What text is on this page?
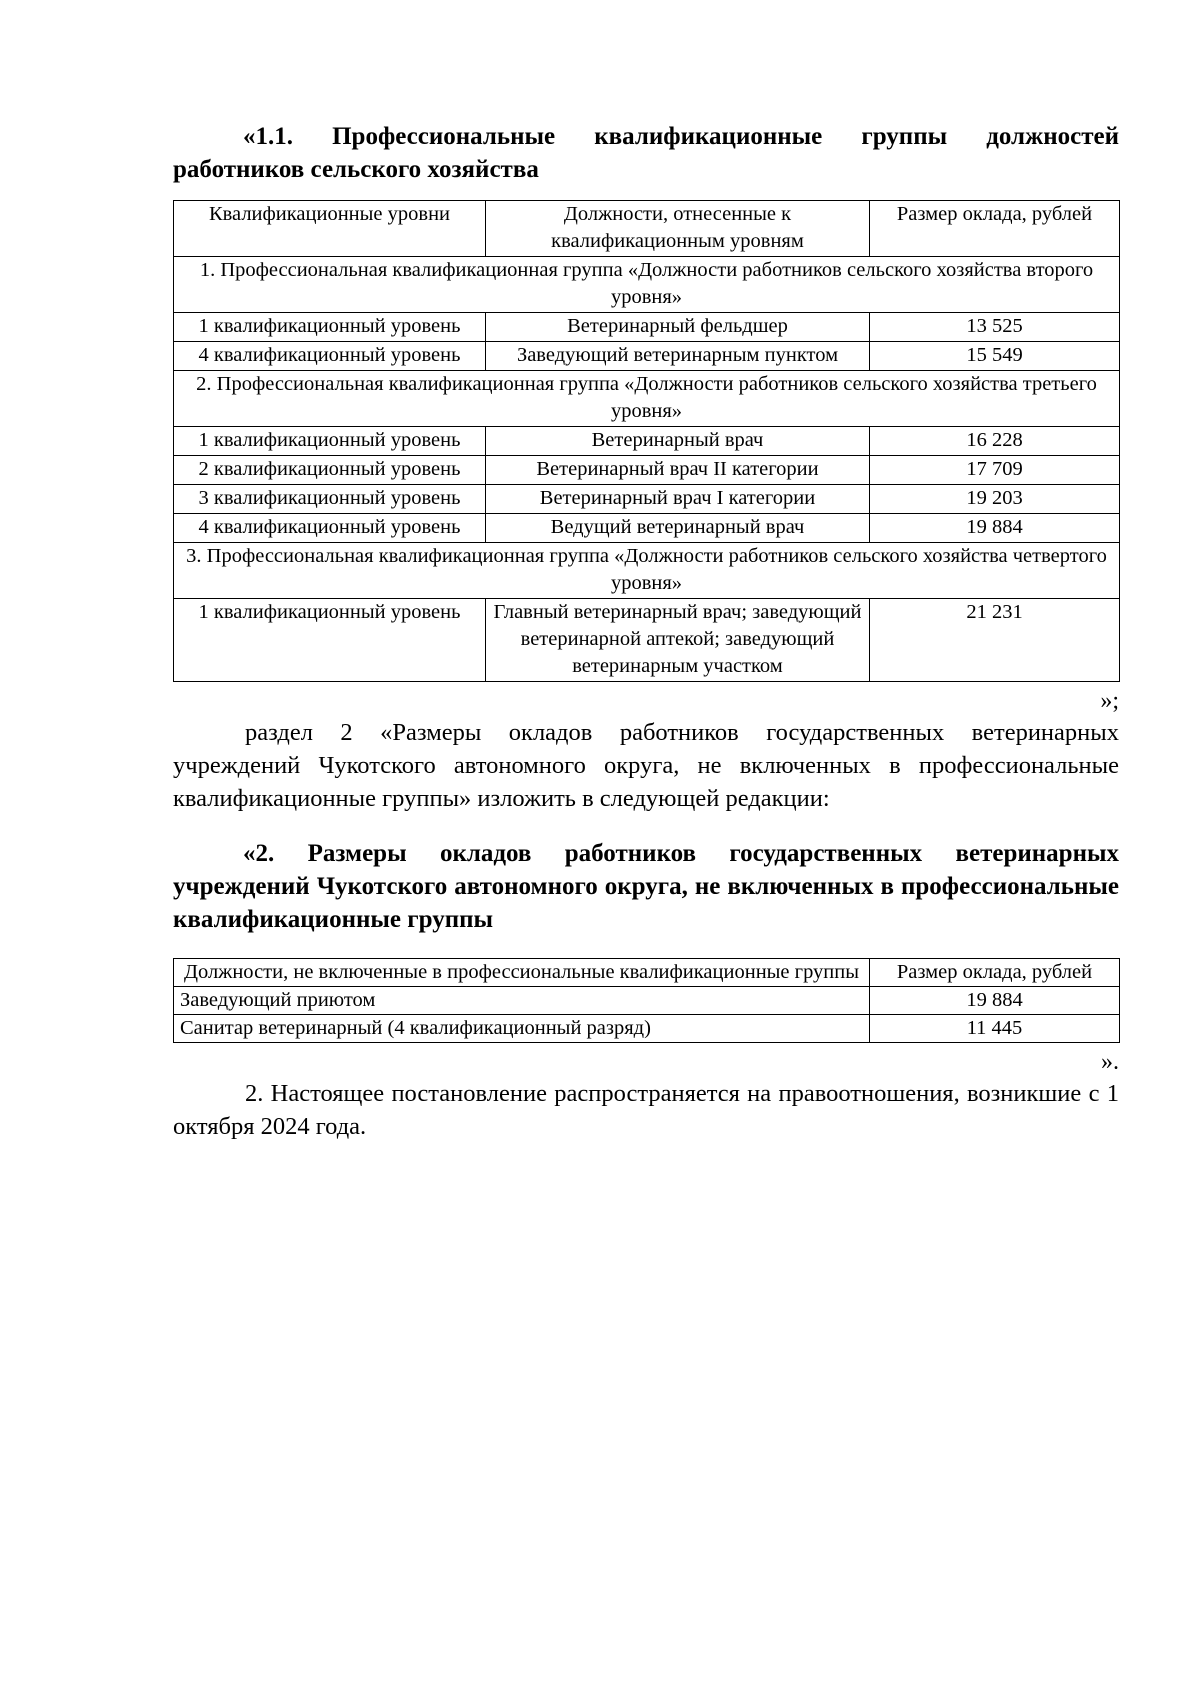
«1.1. Профессиональные квалификационные группы должностей работников сельского хозяйства

Квалификационные уровни	Должности, отнесенные к квалификационным уровням	Размер оклада, рублей
1. Профессиональная квалификационная группа «Должности работников сельского хозяйства второго уровня»		
1 квалификационный уровень	Ветеринарный фельдшер	13 525
4 квалификационный уровень	Заведующий ветеринарным пунктом	15 549
2. Профессиональная квалификационная группа «Должности работников сельского хозяйства третьего уровня»		
1 квалификационный уровень	Ветеринарный врач	16 228
2 квалификационный уровень	Ветеринарный врач II категории	17 709
3 квалификационный уровень	Ветеринарный врач I категории	19 203
4 квалификационный уровень	Ведущий ветеринарный врач	19 884
3. Профессиональная квалификационная группа «Должности работников сельского хозяйства четвертого уровня»		
1 квалификационный уровень	Главный ветеринарный врач; заведующий ветеринарной аптекой; заведующий ветеринарным участком	21 231

»;

раздел 2 «Размеры окладов работников государственных ветеринарных учреждений Чукотского автономного округа, не включенных в профессиональные квалификационные группы» изложить в следующей редакции:

«2. Размеры окладов работников государственных ветеринарных учреждений Чукотского автономного округа, не включенных в профессиональные квалификационные группы

Должности, не включенные в профессиональные квалификационные группы	Размер оклада, рублей
Заведующий приютом	19 884
Санитар ветеринарный (4 квалификационный разряд)	11 445

».

2. Настоящее постановление распространяется на правоотношения, возникшие с 1 октября 2024 года.
